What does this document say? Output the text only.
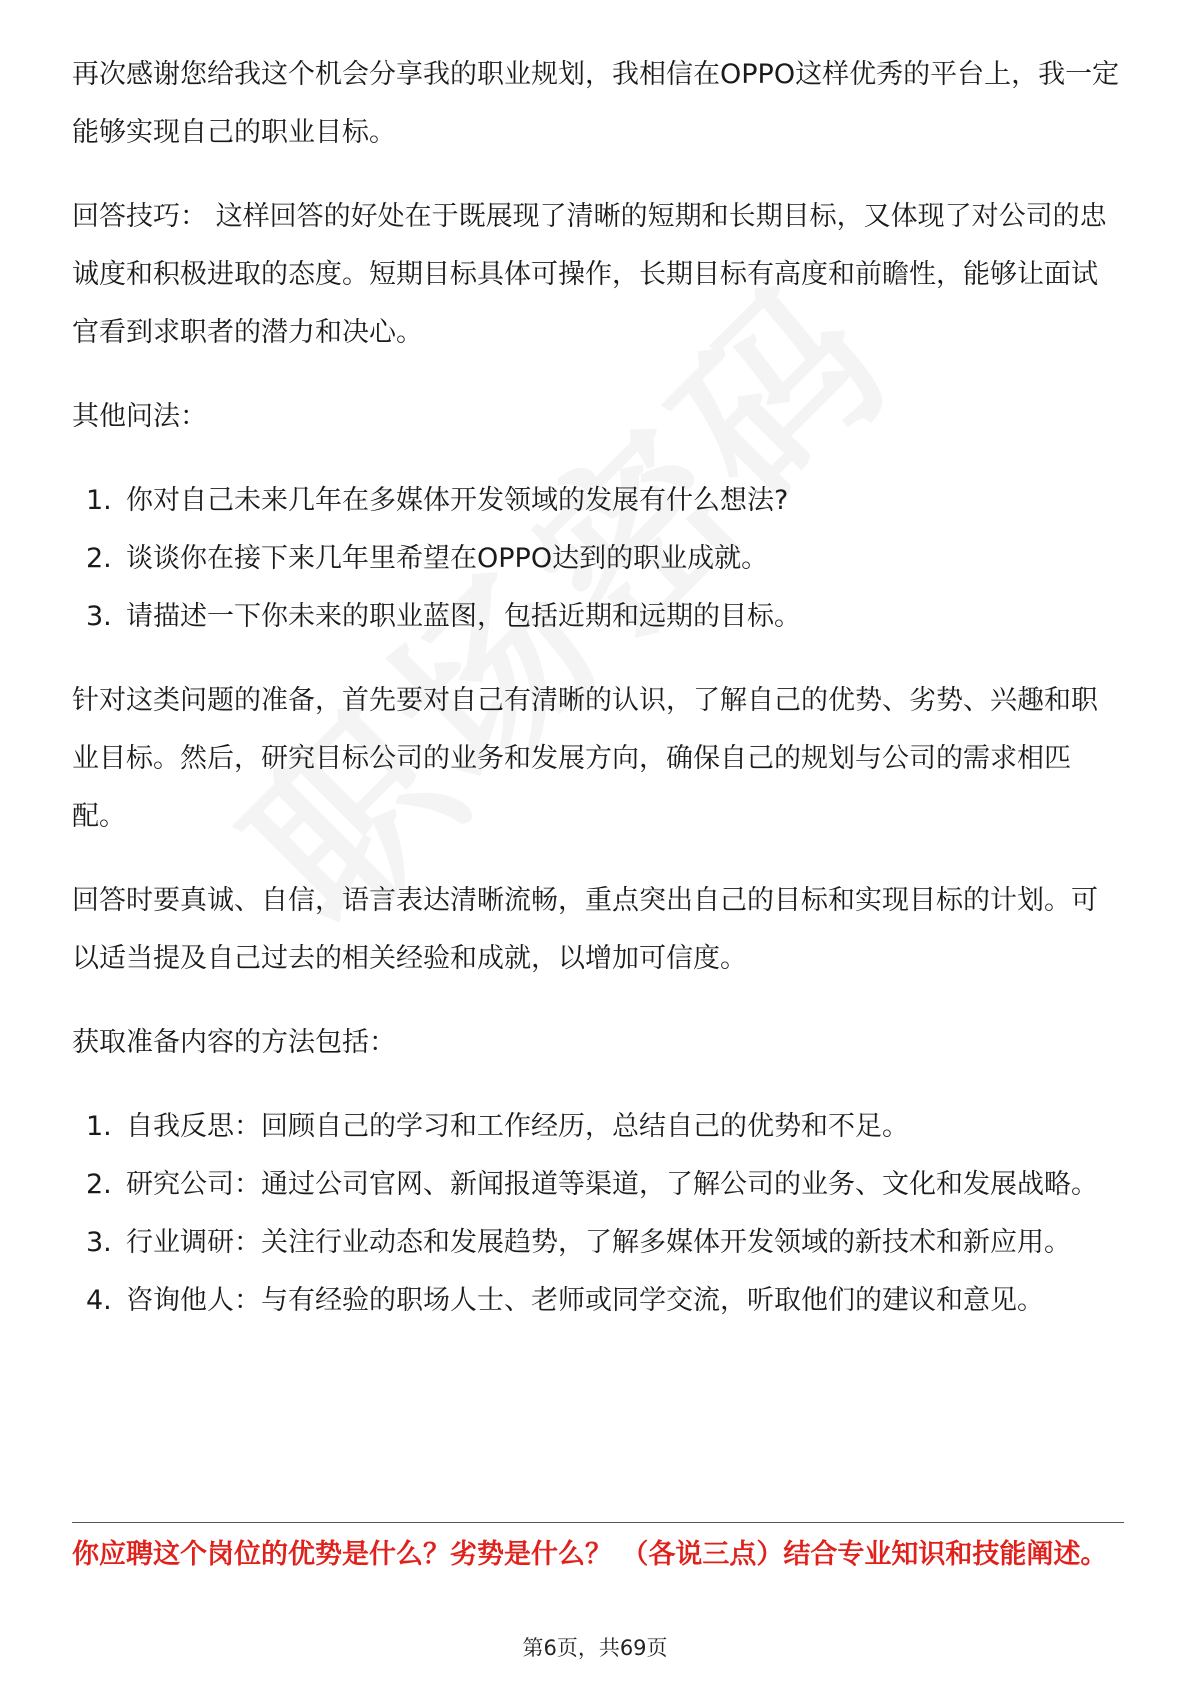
再次感谢您给我这个机会分享我的职业规划，我相信在OPPO这样优秀的平台上，我一定能够实现自己的职业目标。

回答技巧： 这样回答的好处在于既展现了清晰的短期和长期目标，又体现了对公司的忠诚度和积极进取的态度。短期目标具体可操作，长期目标有高度和前瞻性，能够让面试官看到求职者的潜力和决心。

其他问法：

1. 你对自己未来几年在多媒体开发领域的发展有什么想法?
2. 谈谈你在接下来几年里希望在OPPO达到的职业成就。
3. 请描述一下你未来的职业蓝图，包括近期和远期的目标。

针对这类问题的准备，首先要对自己有清晰的认识，了解自己的优势、劣势、兴趣和职业目标。然后，研究目标公司的业务和发展方向，确保自己的规划与公司的需求相匹配。

回答时要真诚、自信，语言表达清晰流畅，重点突出自己的目标和实现目标的计划。可以适当提及自己过去的相关经验和成就，以增加可信度。

获取准备内容的方法包括：

1. 自我反思：回顾自己的学习和工作经历，总结自己的优势和不足。
2. 研究公司：通过公司官网、新闻报道等渠道，了解公司的业务、文化和发展战略。
3. 行业调研：关注行业动态和发展趋势，了解多媒体开发领域的新技术和新应用。
4. 咨询他人：与有经验的职场人士、老师或同学交流，听取他们的建议和意见。
你应聘这个岗位的优势是什么？劣势是什么？ （各说三点）结合专业知识和技能阐述。
第6页，共69页
